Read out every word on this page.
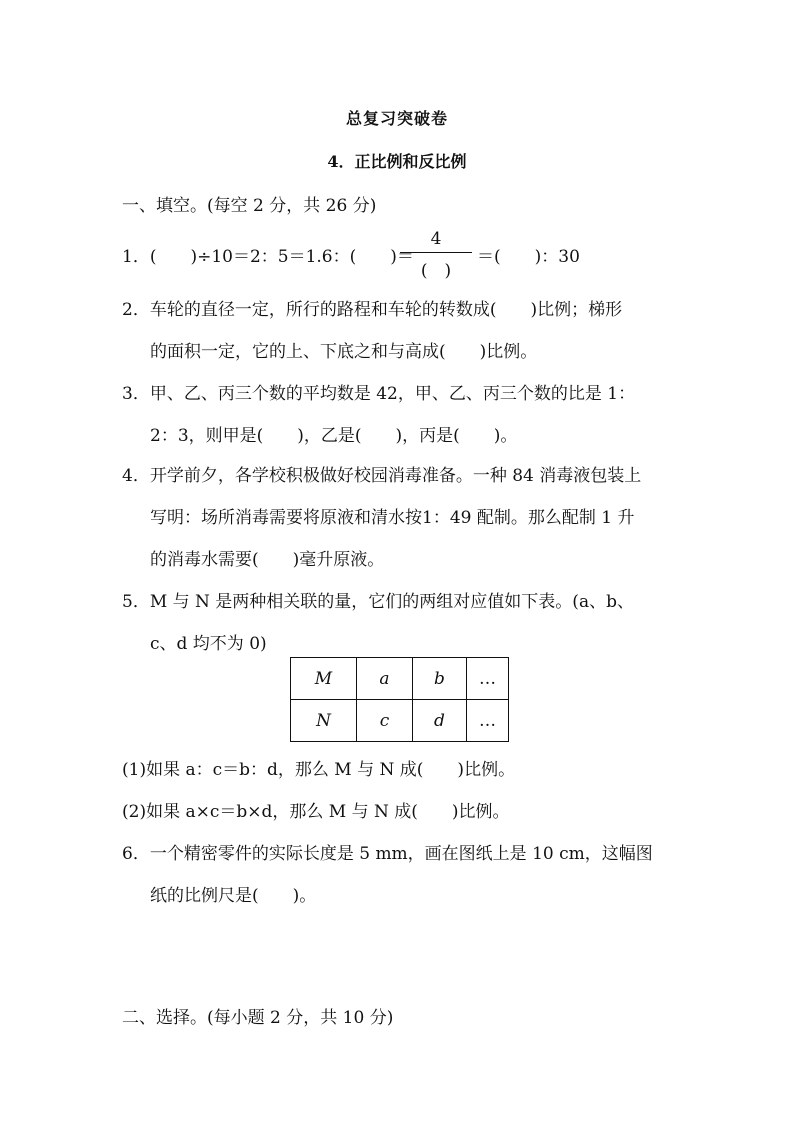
总复习突破卷
4．正比例和反比例
一、填空。(每空 2 分，共 26 分)
1．(　　)÷10＝2：5＝1.6：(　　)＝
4
(　)
＝(　　)：30
2．车轮的直径一定，所行的路程和车轮的转数成(　　)比例；梯形
的面积一定，它的上、下底之和与高成(　　)比例。
3．甲、乙、丙三个数的平均数是 42，甲、乙、丙三个数的比是 1：
2：3，则甲是(　　)，乙是(　　)，丙是(　　)。
4．开学前夕，各学校积极做好校园消毒准备。一种 84 消毒液包装上
写明：场所消毒需要将原液和清水按1：49 配制。那么配制 1 升
的消毒水需要(　　)毫升原液。
5．M 与 N 是两种相关联的量，它们的两组对应值如下表。(a、b、
c、d 均不为 0)
M	a	b	…
N	c	d	…
(1)如果 a：c＝b：d，那么 M 与 N 成(　　)比例。
(2)如果 a×c＝b×d，那么 M 与 N 成(　　)比例。
6．一个精密零件的实际长度是 5 mm，画在图纸上是 10 cm，这幅图
纸的比例尺是(　　)。
二、选择。(每小题 2 分，共 10 分)
